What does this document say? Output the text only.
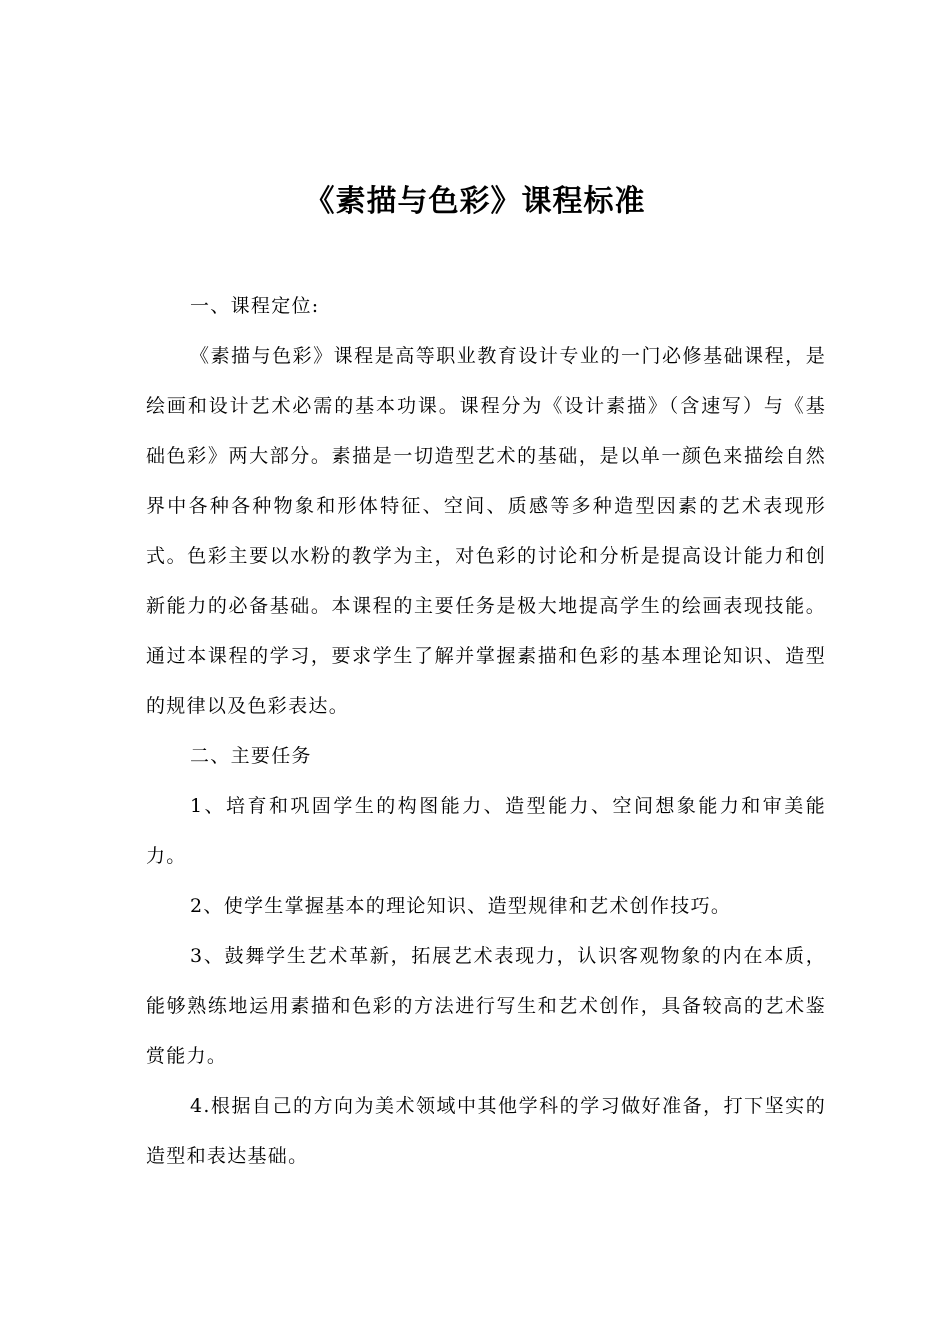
《素描与色彩》课程标准

一、课程定位:

《素描与色彩》课程是高等职业教育设计专业的一门必修基础课程，是绘画和设计艺术必需的基本功课。课程分为《设计素描》（含速写）与《基础色彩》两大部分。素描是一切造型艺术的基础，是以单一颜色来描绘自然界中各种各种物象和形体特征、空间、质感等多种造型因素的艺术表现形式。色彩主要以水粉的教学为主，对色彩的讨论和分析是提高设计能力和创新能力的必备基础。本课程的主要任务是极大地提高学生的绘画表现技能。通过本课程的学习，要求学生了解并掌握素描和色彩的基本理论知识、造型的规律以及色彩表达。

二、主要任务

1、培育和巩固学生的构图能力、造型能力、空间想象能力和审美能力。

2、使学生掌握基本的理论知识、造型规律和艺术创作技巧。

3、鼓舞学生艺术革新，拓展艺术表现力，认识客观物象的内在本质，能够熟练地运用素描和色彩的方法进行写生和艺术创作，具备较高的艺术鉴赏能力。

4.根据自己的方向为美术领域中其他学科的学习做好准备，打下坚实的造型和表达基础。
